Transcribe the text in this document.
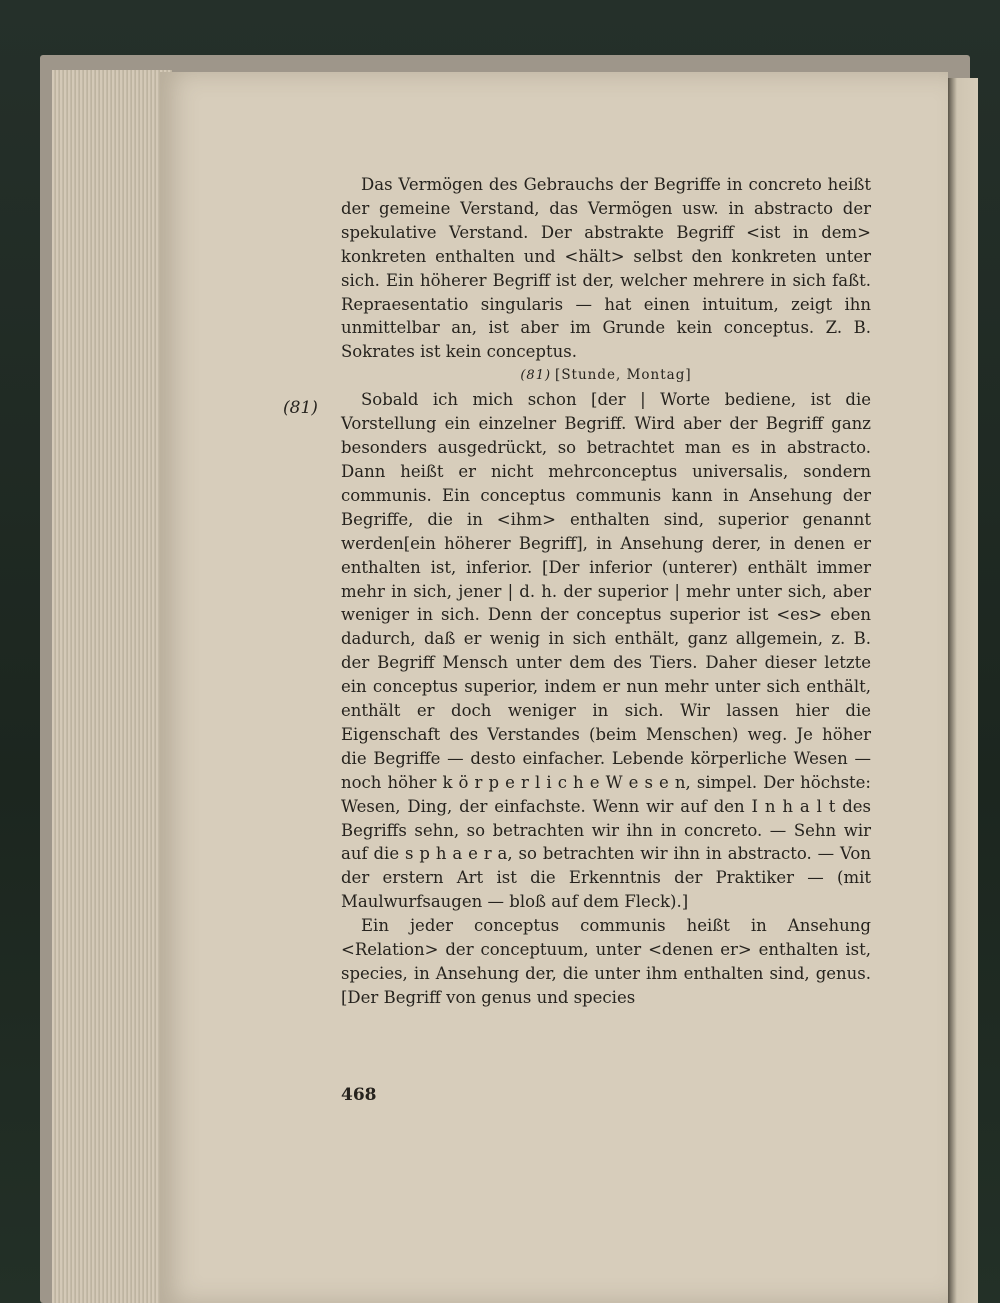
(81)

Das Vermögen des Gebrauchs der Begriffe in concreto heißt der gemeine Verstand, das Vermögen usw. in abstracto der spekulative Verstand. Der abstrakte Begriff <ist in dem> konkreten enthalten und <hält> selbst den konkreten unter sich. Ein höherer Begriff ist der, welcher mehrere in sich faßt. Repraesentatio singularis — hat einen intuitum, zeigt ihn unmittelbar an, ist aber im Grunde kein conceptus. Z. B. Sokrates ist kein conceptus.

(81) [Stunde, Montag]

Sobald ich mich schon [der | Worte bediene, ist die Vorstellung ein einzelner Begriff. Wird aber der Begriff ganz besonders ausgedrückt, so betrachtet man es in abstracto. Dann heißt er nicht mehrconceptus universalis, sondern communis. Ein conceptus communis kann in Ansehung der Begriffe, die in <ihm> enthalten sind, superior genannt werden[ein höherer Begriff], in Ansehung derer, in denen er enthalten ist, inferior. [Der inferior (unterer) enthält immer mehr in sich, jener | d. h. der superior | mehr unter sich, aber weniger in sich. Denn der conceptus superior ist <es> eben dadurch, daß er wenig in sich enthält, ganz allgemein, z. B. der Begriff Mensch unter dem des Tiers. Daher dieser letzte ein conceptus superior, indem er nun mehr unter sich enthält, enthält er doch weniger in sich. Wir lassen hier die Eigenschaft des Verstandes (beim Menschen) weg. Je höher die Begriffe — desto einfacher. Lebende körperliche Wesen — noch höher k ö r p e r l i c h e W e s e n, simpel. Der höchste: Wesen, Ding, der einfachste. Wenn wir auf den I n h a l t des Begriffs sehn, so betrachten wir ihn in concreto. — Sehn wir auf die s p h a e r a, so betrachten wir ihn in abstracto. — Von der erstern Art ist die Erkenntnis der Praktiker — (mit Maulwurfsaugen — bloß auf dem Fleck).]

Ein jeder conceptus communis heißt in Ansehung <Relation> der conceptuum, unter <denen er> enthalten ist, species, in Ansehung der, die unter ihm enthalten sind, genus. [Der Begriff von genus und species

468
